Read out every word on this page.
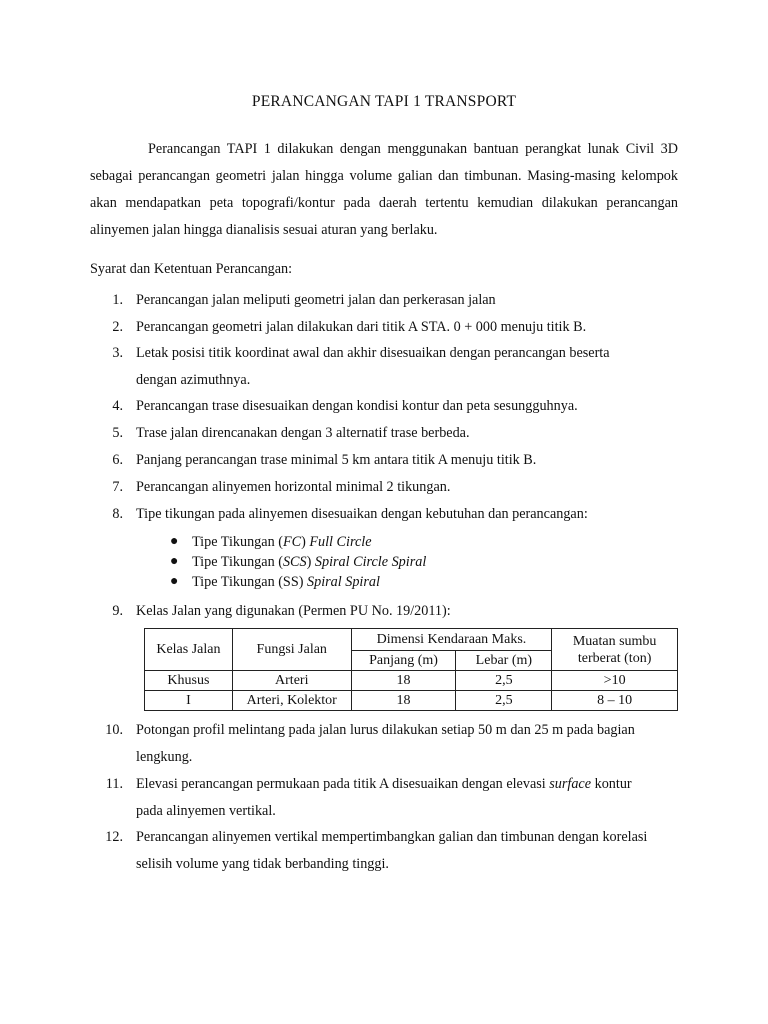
PERANCANGAN TAPI 1 TRANSPORT
Perancangan TAPI 1 dilakukan dengan menggunakan bantuan perangkat lunak Civil 3D sebagai perancangan geometri jalan hingga volume galian dan timbunan. Masing-masing kelompok akan mendapatkan peta topografi/kontur pada daerah tertentu kemudian dilakukan perancangan alinyemen jalan hingga dianalisis sesuai aturan yang berlaku.
Syarat dan Ketentuan Perancangan:
1. Perancangan jalan meliputi geometri jalan dan perkerasan jalan
2. Perancangan geometri jalan dilakukan dari titik A STA. 0 + 000 menuju titik B.
3. Letak posisi titik koordinat awal dan akhir disesuaikan dengan perancangan beserta
dengan azimuthnya.
4. Perancangan trase disesuaikan dengan kondisi kontur dan peta sesungguhnya.
5. Trase jalan direncanakan dengan 3 alternatif trase berbeda.
6. Panjang perancangan trase minimal 5 km antara titik A menuju titik B.
7. Perancangan alinyemen horizontal minimal 2 tikungan.
8. Tipe tikungan pada alinyemen disesuaikan dengan kebutuhan dan perancangan:
● Tipe Tikungan (FC) Full Circle
● Tipe Tikungan (SCS) Spiral Circle Spiral
● Tipe Tikungan (SS) Spiral Spiral
9. Kelas Jalan yang digunakan (Permen PU No. 19/2011):
Kelas Jalan	Fungsi Jalan	Dimensi Kendaraan Maks.		Muatan sumbu terberat (ton)
		Panjang (m)	Lebar (m)	
Khusus	Arteri	18	2,5	>10
I	Arteri, Kolektor	18	2,5	8 – 10
10. Potongan profil melintang pada jalan lurus dilakukan setiap 50 m dan 25 m pada bagian
lengkung.
11. Elevasi perancangan permukaan pada titik A disesuaikan dengan elevasi surface kontur
pada alinyemen vertikal.
12. Perancangan alinyemen vertikal mempertimbangkan galian dan timbunan dengan korelasi
selisih volume yang tidak berbanding tinggi.
